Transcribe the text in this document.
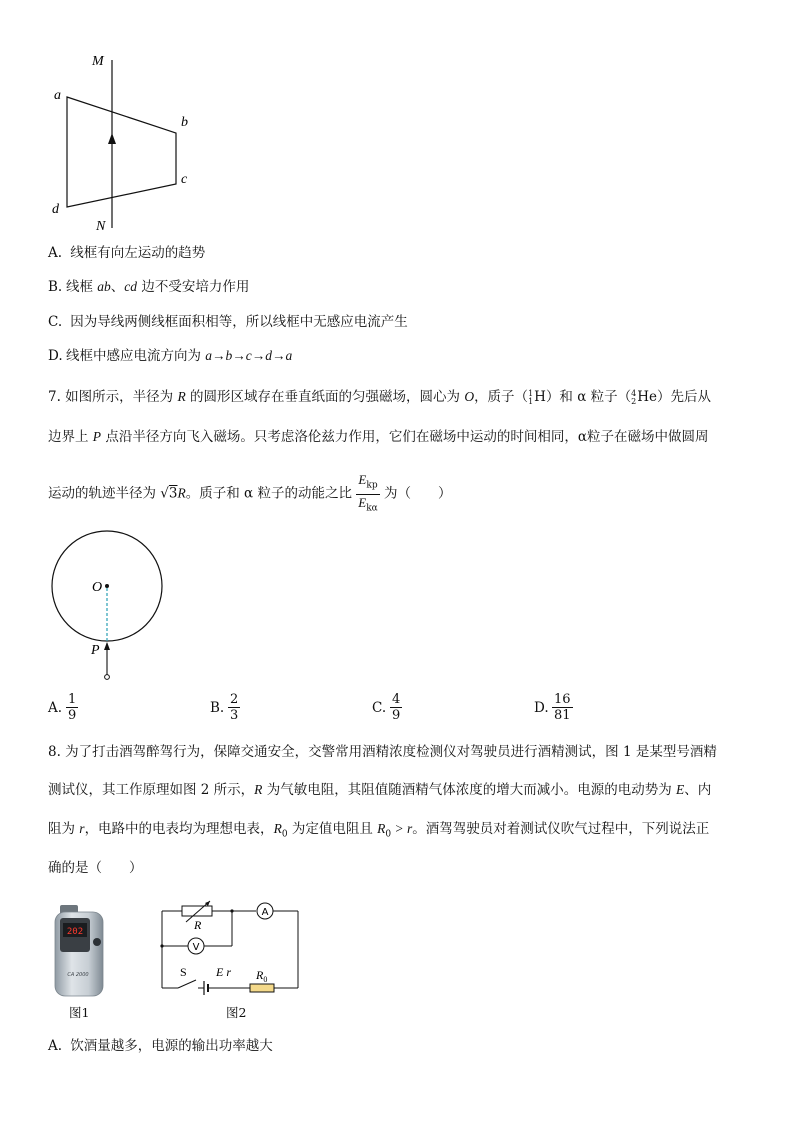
M
N
a
b
c
d
A. 线框有向左运动的趋势
B. 线框 ab、cd 边不受安培力作用
C. 因为导线两侧线框面积相等，所以线框中无感应电流产生
D. 线框中感应电流方向为 a→b→c→d→a
7. 如图所示，半径为 R 的圆形区域存在垂直纸面的匀强磁场，圆心为 O，质子（ 1
1 H）和 α 粒子（ 4
2 He）先后从
边界上 P 点沿半径方向飞入磁场。只考虑洛伦兹力作用，它们在磁场中运动的时间相同，α粒子在磁场中做圆周
运动的轨迹半径为 √3R。质子和 α 粒子的动能之比 $\frac{E_{kp}}{E_{k\alpha}}$ 为（　　）
O
P
A. $\frac{1}{9}$	B. $\frac{2}{3}$	C. $\frac{4}{9}$	D. $\frac{16}{81}$
8. 为了打击酒驾醉驾行为，保障交通安全，交警常用酒精浓度检测仪对驾驶员进行酒精测试，图 1 是某型号酒精
测试仪，其工作原理如图 2 所示，R 为气敏电阻，其阻值随酒精气体浓度的增大而减小。电源的电动势为 E、内
阻为 r，电路中的电表均为理想电表，$R_0$ 为定值电阻且 $R_0 > r$。酒驾驾驶员对着测试仪吹气过程中，下列说法正
确的是（　　）
202
CA 2000
图1
A
V
R
S E r $R_0$
图2
A. 饮酒量越多，电源的输出功率越大
